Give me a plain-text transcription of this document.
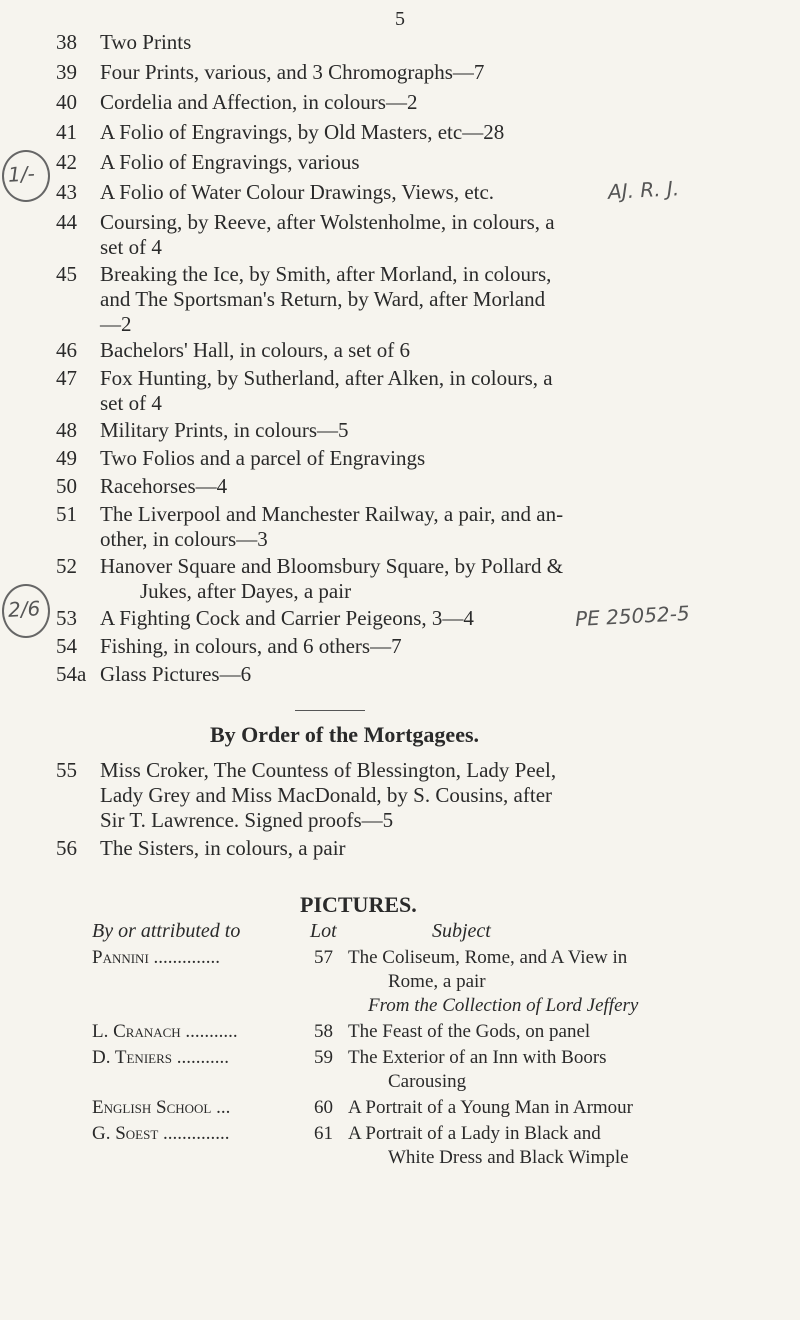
5
38	Two Prints
39	Four Prints, various, and 3 Chromographs—7
40	Cordelia and Affection, in colours—2
41	A Folio of Engravings, by Old Masters, etc—28
42	A Folio of Engravings, various
43	A Folio of Water Colour Drawings, Views, etc.
44	Coursing, by Reeve, after Wolstenholme, in colours, a
set of 4
45	Breaking the Ice, by Smith, after Morland, in colours,
and The Sportsman's Return, by Ward, after Morland
—2
46	Bachelors' Hall, in colours, a set of 6
47	Fox Hunting, by Sutherland, after Alken, in colours, a
set of 4
48	Military Prints, in colours—5
49	Two Folios and a parcel of Engravings
50	Racehorses—4
51	The Liverpool and Manchester Railway, a pair, and an-
other, in colours—3
52	Hanover Square and Bloomsbury Square, by Pollard &
Jukes, after Dayes, a pair
53	A Fighting Cock and Carrier Peigeons, 3—4
54	Fishing, in colours, and 6 others—7
54a Glass Pictures—6
1/-
AJ. R. J.
2/6	PE 25052-5
By Order of the Mortgagees.
55	Miss Croker, The Countess of Blessington, Lady Peel,
Lady Grey and Miss MacDonald, by S. Cousins, after
Sir T. Lawrence. Signed proofs—5
56	The Sisters, in colours, a pair
PICTURES.
By or attributed to	Lot	Subject
Pannini ..............	57 The Coliseum, Rome, and A View in
Rome, a pair
From the Collection of Lord Jeffery
L. Cranach ...........	58 The Feast of the Gods, on panel
D. Teniers ...........	59 The Exterior of an Inn with Boors
Carousing
English School ...	60 A Portrait of a Young Man in Armour
G. Soest ..............	61 A Portrait of a Lady in Black and
White Dress and Black Wimple
